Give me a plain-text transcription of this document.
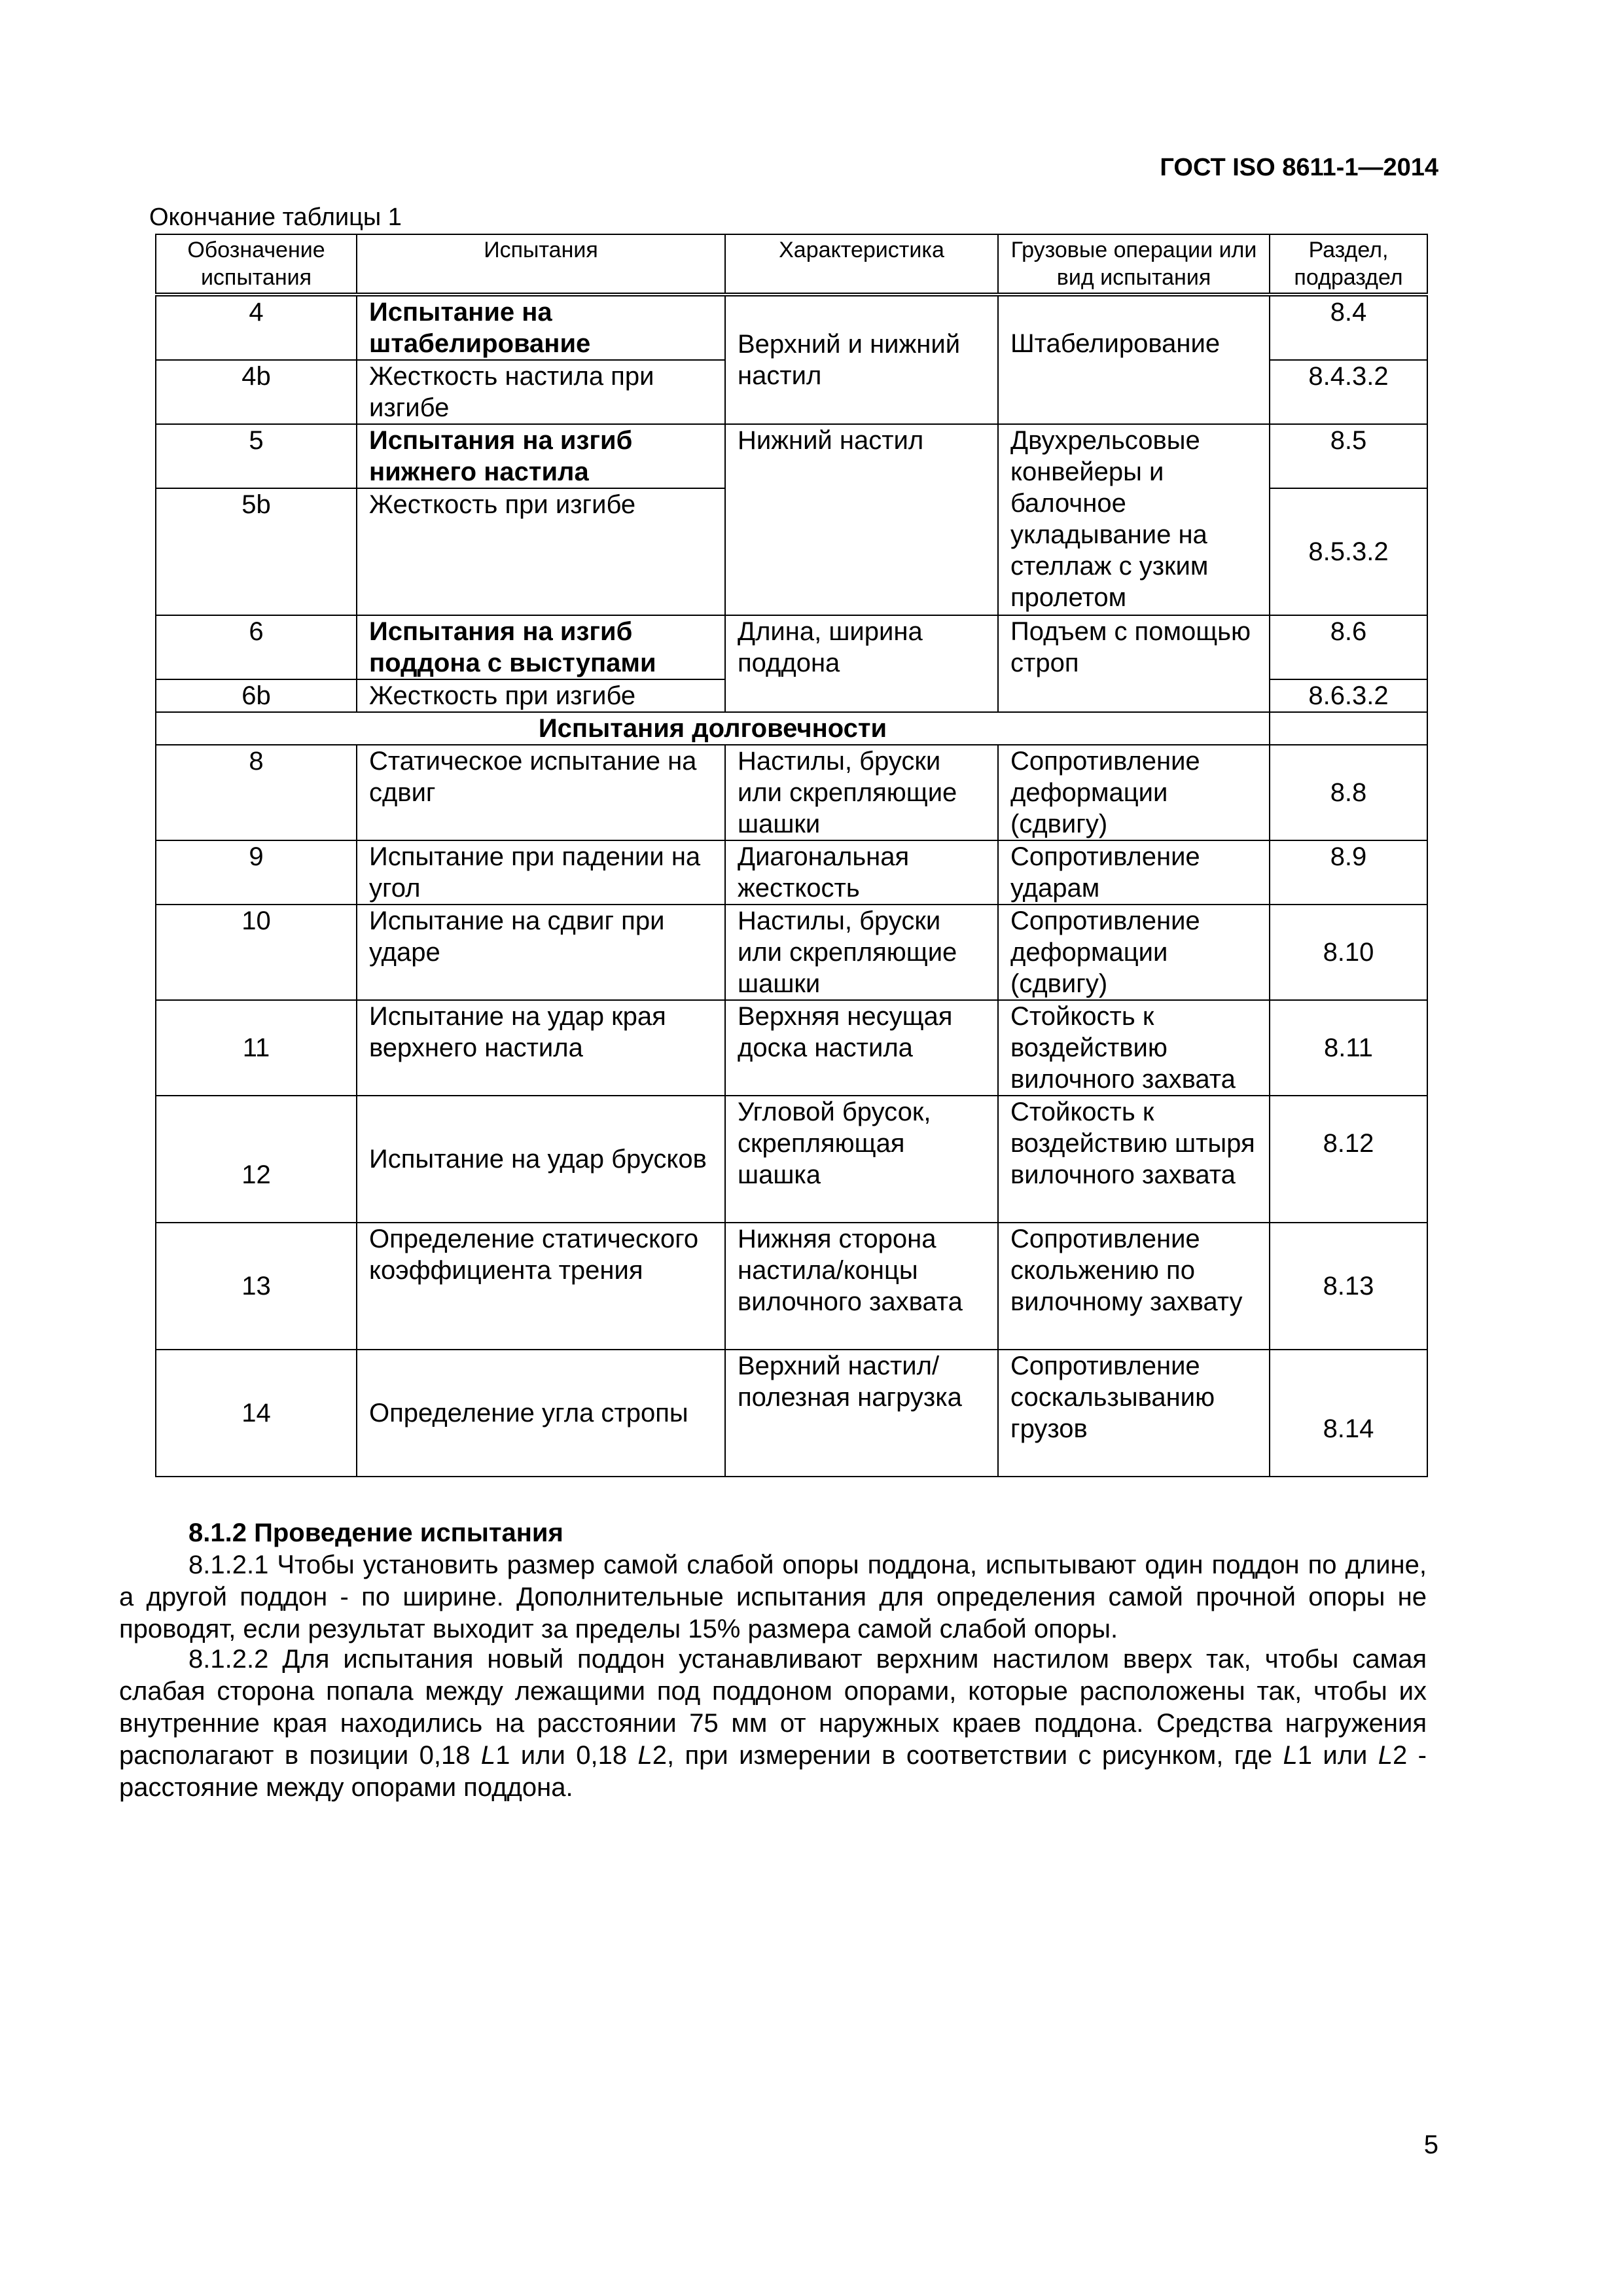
ГОСТ ISO 8611-1—2014
Окончание таблицы 1
Обозначение испытания	Испытания	Характеристика	Грузовые операции или вид испытания	Раздел, подраздел
4	Испытание на штабелирование	Верхний и нижний настил	Штабелирование	8.4
4b	Жесткость настила при изгибе			8.4.3.2
5	Испытания на изгиб нижнего настила	Нижний настил	Двухрельсовые конвейеры и балочное укладывание на стеллаж с узким пролетом	8.5
5b	Жесткость при изгибе			8.5.3.2
6	Испытания на изгиб поддона с выступами	Длина, ширина поддона	Подъем с помощью строп	8.6
6b	Жесткость при изгибе			8.6.3.2
Испытания долговечности				
8	Статическое испытание на сдвиг	Настилы, бруски или скрепляющие шашки	Сопротивление деформации (сдвигу)	8.8
9	Испытание при падении на угол	Диагональная жесткость	Сопротивление ударам	8.9
10	Испытание на сдвиг при ударе	Настилы, бруски или скрепляющие шашки	Сопротивление деформации (сдвигу)	8.10
11	Испытание на удар края верхнего настила	Верхняя несущая доска настила	Стойкость к воздействию вилочного захвата	8.11
12	Испытание на удар брусков	Угловой брусок, скрепляющая шашка	Стойкость к воздействию штыря вилочного захвата	8.12
13	Определение статического коэффициента трения	Нижняя сторона настила/концы вилочного захвата	Сопротивление скольжению по вилочному захвату	8.13
14	Определение угла стропы	Верхний настил/полезная нагрузка	Сопротивление соскальзыванию грузов	8.14
8.1.2 Проведение испытания
8.1.2.1 Чтобы установить размер самой слабой опоры поддона, испытывают один поддон по длине, а другой поддон - по ширине. Дополнительные испытания для определения самой прочной опоры не проводят, если результат выходит за пределы 15% размера самой слабой опоры.
8.1.2.2 Для испытания новый поддон устанавливают верхним настилом вверх так, чтобы самая слабая сторона попала между лежащими под поддоном опорами, которые расположены так, чтобы их внутренние края находились на расстоянии 75 мм от наружных краев поддона. Средства нагружения располагают в позиции 0,18 L1 или 0,18 L2, при измерении в соответствии с рисунком, где L1 или L2 - расстояние между опорами поддона.
5
